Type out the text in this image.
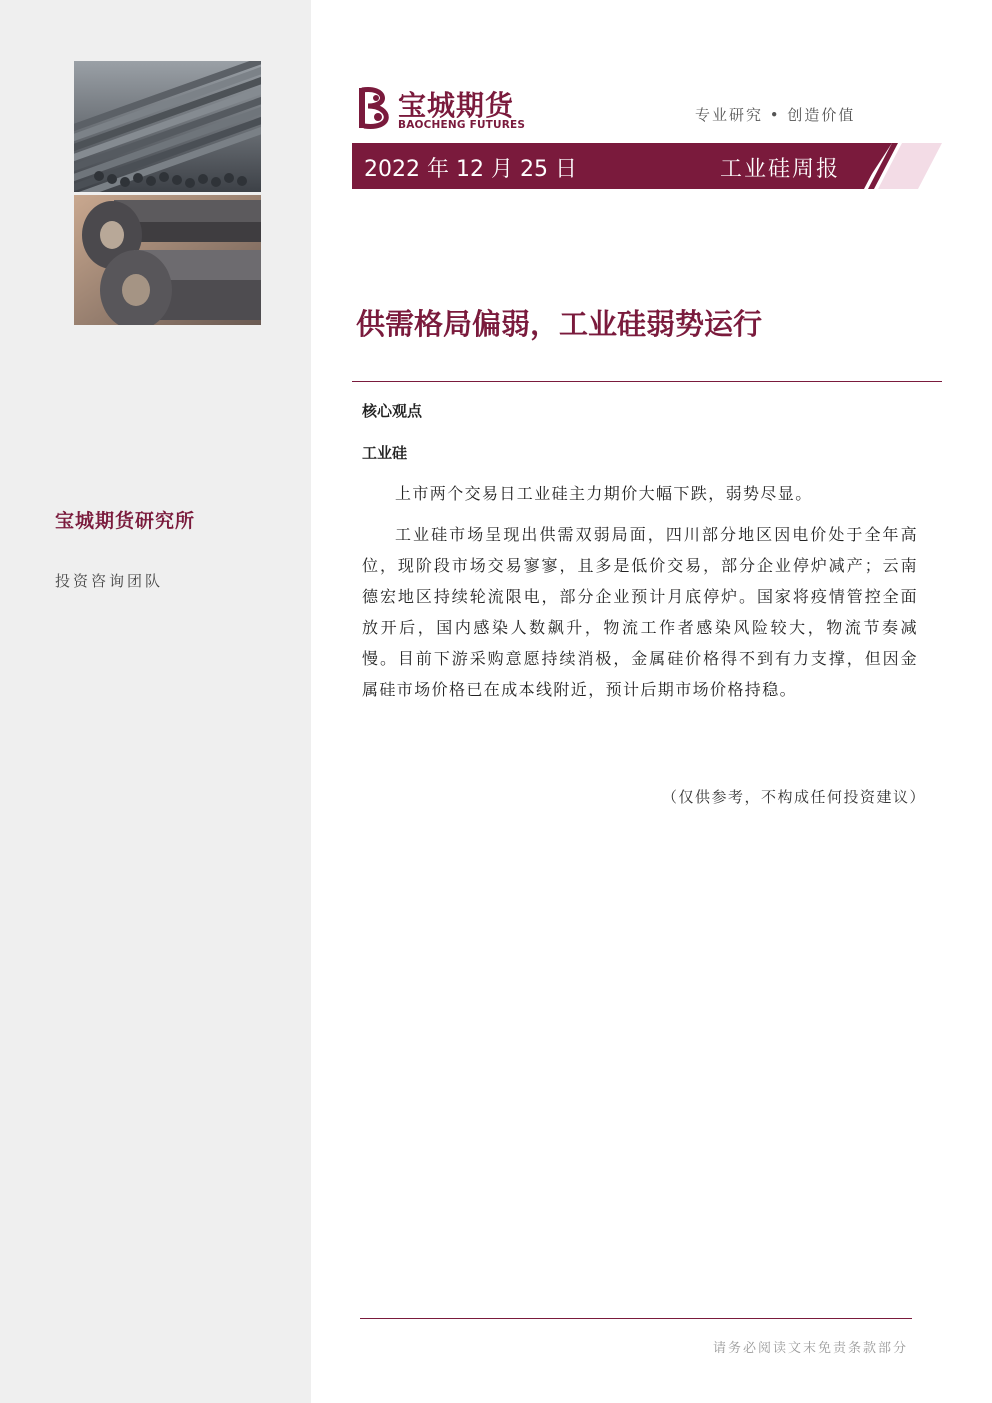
宝城期货研究所
投资咨询团队
宝城期货
BAOCHENG FUTURES
专业研究 • 创造价值
2022 年 12 月 25 日	工业硅周报
供需格局偏弱，工业硅弱势运行
核心观点
工业硅

上市两个交易日工业硅主力期价大幅下跌，弱势尽显。

工业硅市场呈现出供需双弱局面，四川部分地区因电价处于全年高位，现阶段市场交易寥寥，且多是低价交易，部分企业停炉减产；云南德宏地区持续轮流限电，部分企业预计月底停炉。国家将疫情管控全面放开后，国内感染人数飙升，物流工作者感染风险较大，物流节奏减慢。目前下游采购意愿持续消极，金属硅价格得不到有力支撑，但因金属硅市场价格已在成本线附近，预计后期市场价格持稳。

（仅供参考，不构成任何投资建议）
请务必阅读文末免责条款部分
